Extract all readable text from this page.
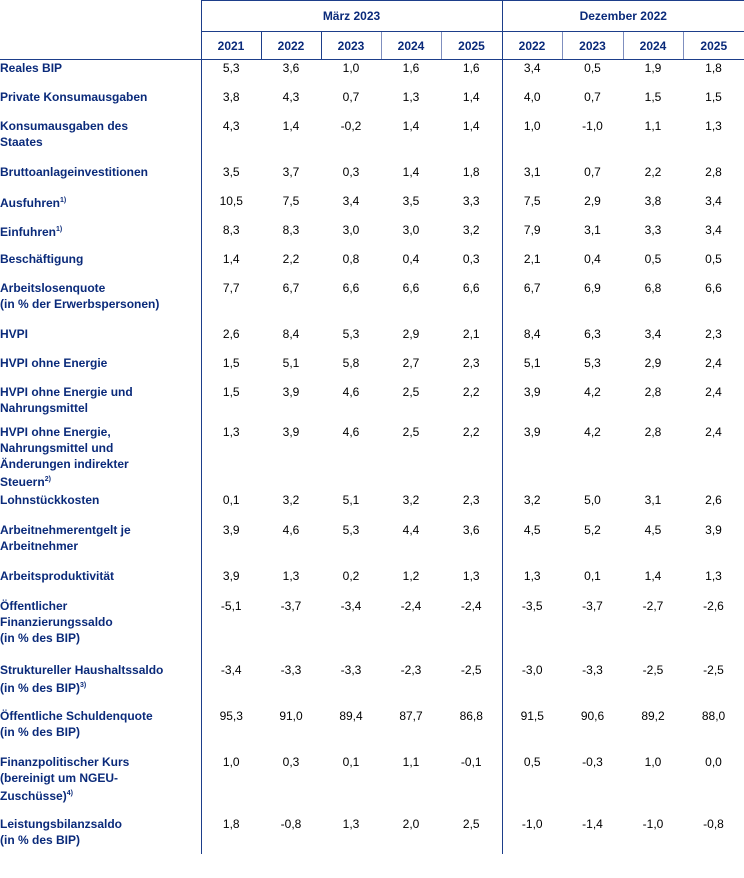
	März 2023					Dezember 2022			
	2021	2022	2023	2024	2025	2022	2023	2024	2025
Reales BIP	5,3	3,6	1,0	1,6	1,6	3,4	0,5	1,9	1,8
Private Konsumausgaben	3,8	4,3	0,7	1,3	1,4	4,0	0,7	1,5	1,5
Konsumausgaben des
Staates	4,3	1,4	-0,2	1,4	1,4	1,0	-1,0	1,1	1,3
Bruttoanlageinvestitionen	3,5	3,7	0,3	1,4	1,8	3,1	0,7	2,2	2,8
Ausfuhren$^{1)}$	10,5	7,5	3,4	3,5	3,3	7,5	2,9	3,8	3,4
Einfuhren$^{1)}$	8,3	8,3	3,0	3,0	3,2	7,9	3,1	3,3	3,4
Beschäftigung	1,4	2,2	0,8	0,4	0,3	2,1	0,4	0,5	0,5
Arbeitslosenquote
(in % der Erwerbspersonen)	7,7	6,7	6,6	6,6	6,6	6,7	6,9	6,8	6,6
HVPI	2,6	8,4	5,3	2,9	2,1	8,4	6,3	3,4	2,3
HVPI ohne Energie	1,5	5,1	5,8	2,7	2,3	5,1	5,3	2,9	2,4
HVPI ohne Energie und
Nahrungsmittel	1,5	3,9	4,6	2,5	2,2	3,9	4,2	2,8	2,4
HVPI ohne Energie,
Nahrungsmittel und
Änderungen indirekter
Steuern$^{2)}$	1,3	3,9	4,6	2,5	2,2	3,9	4,2	2,8	2,4
Lohnstückkosten	0,1	3,2	5,1	3,2	2,3	3,2	5,0	3,1	2,6
Arbeitnehmerentgelt je
Arbeitnehmer	3,9	4,6	5,3	4,4	3,6	4,5	5,2	4,5	3,9
Arbeitsproduktivität	3,9	1,3	0,2	1,2	1,3	1,3	0,1	1,4	1,3
Öffentlicher
Finanzierungssaldo
(in % des BIP)	-5,1	-3,7	-3,4	-2,4	-2,4	-3,5	-3,7	-2,7	-2,6
Struktureller Haushaltssaldo
(in % des BIP)$^{3)}$	-3,4	-3,3	-3,3	-2,3	-2,5	-3,0	-3,3	-2,5	-2,5
Öffentliche Schuldenquote
(in % des BIP)	95,3	91,0	89,4	87,7	86,8	91,5	90,6	89,2	88,0
Finanzpolitischer Kurs
(bereinigt um NGEU-
Zuschüsse)$^{4)}$	1,0	0,3	0,1	1,1	-0,1	0,5	-0,3	1,0	0,0
Leistungsbilanzsaldo
(in % des BIP)	1,8	-0,8	1,3	2,0	2,5	-1,0	-1,4	-1,0	-0,8
